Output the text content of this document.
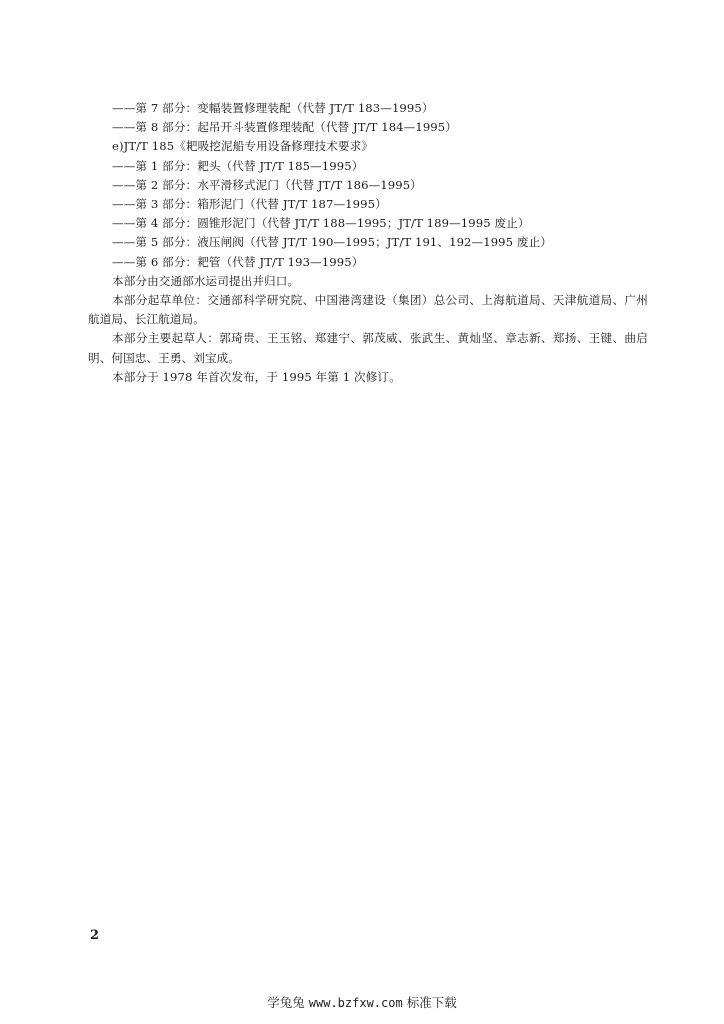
——第 7 部分：变幅装置修理装配（代替 JT/T 183—1995）
——第 8 部分：起吊开斗装置修理装配（代替 JT/T 184—1995）
e)JT/T 185《耙吸挖泥船专用设备修理技术要求》
——第 1 部分：耙头（代替 JT/T 185—1995）
——第 2 部分：水平滑移式泥门（代替 JT/T 186—1995）
——第 3 部分：箱形泥门（代替 JT/T 187—1995）
——第 4 部分：圆锥形泥门（代替 JT/T 188—1995；JT/T 189—1995 废止）
——第 5 部分：液压闸阀（代替 JT/T 190—1995；JT/T 191、192—1995 废止）
——第 6 部分：耙管（代替 JT/T 193—1995）
本部分由交通部水运司提出并归口。
本部分起草单位：交通部科学研究院、中国港湾建设（集团）总公司、上海航道局、天津航道局、广州航道局、长江航道局。
本部分主要起草人：郭琦贵、王玉铭、郑建宁、郭茂威、张武生、黄灿坚、章志新、郑扬、王键、曲启明、何国忠、王勇、刘宝成。
本部分于 1978 年首次发布，于 1995 年第 1 次修订。
2
学兔兔 www.bzfxw.com 标准下载
